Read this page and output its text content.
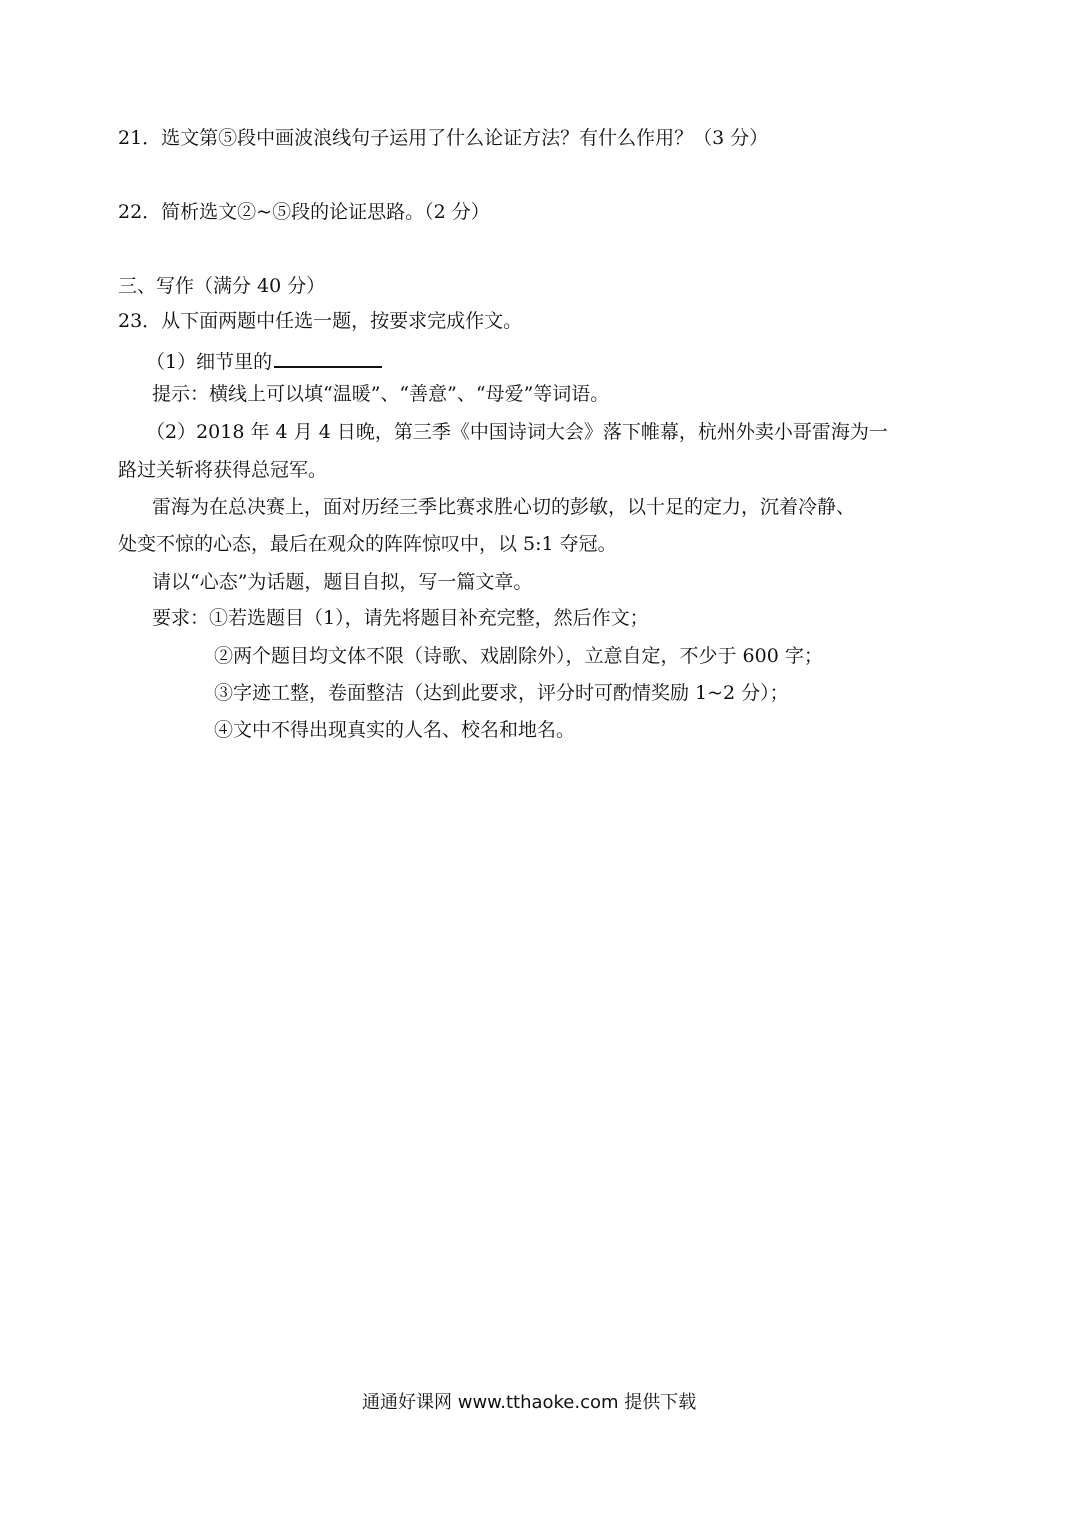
21．选文第⑤段中画波浪线句子运用了什么论证方法？有什么作用？（3 分）
22．简析选文②~⑤段的论证思路。（2 分）
三、写作（满分 40 分）
23．从下面两题中任选一题，按要求完成作文。
（1）细节里的
提示：横线上可以填“温暖”、“善意”、“母爱”等词语。
（2）2018 年 4 月 4 日晚，第三季《中国诗词大会》落下帷幕，杭州外卖小哥雷海为一
路过关斩将获得总冠军。
雷海为在总决赛上，面对历经三季比赛求胜心切的彭敏，以十足的定力，沉着冷静、
处变不惊的心态，最后在观众的阵阵惊叹中，以 5:1 夺冠。
请以“心态”为话题，题目自拟，写一篇文章。
要求：①若选题目（1），请先将题目补充完整，然后作文；
②两个题目均文体不限（诗歌、戏剧除外），立意自定，不少于 600 字；
③字迹工整，卷面整洁（达到此要求，评分时可酌情奖励 1~2 分）；
④文中不得出现真实的人名、校名和地名。
通通好课网 www.tthaoke.com 提供下载
